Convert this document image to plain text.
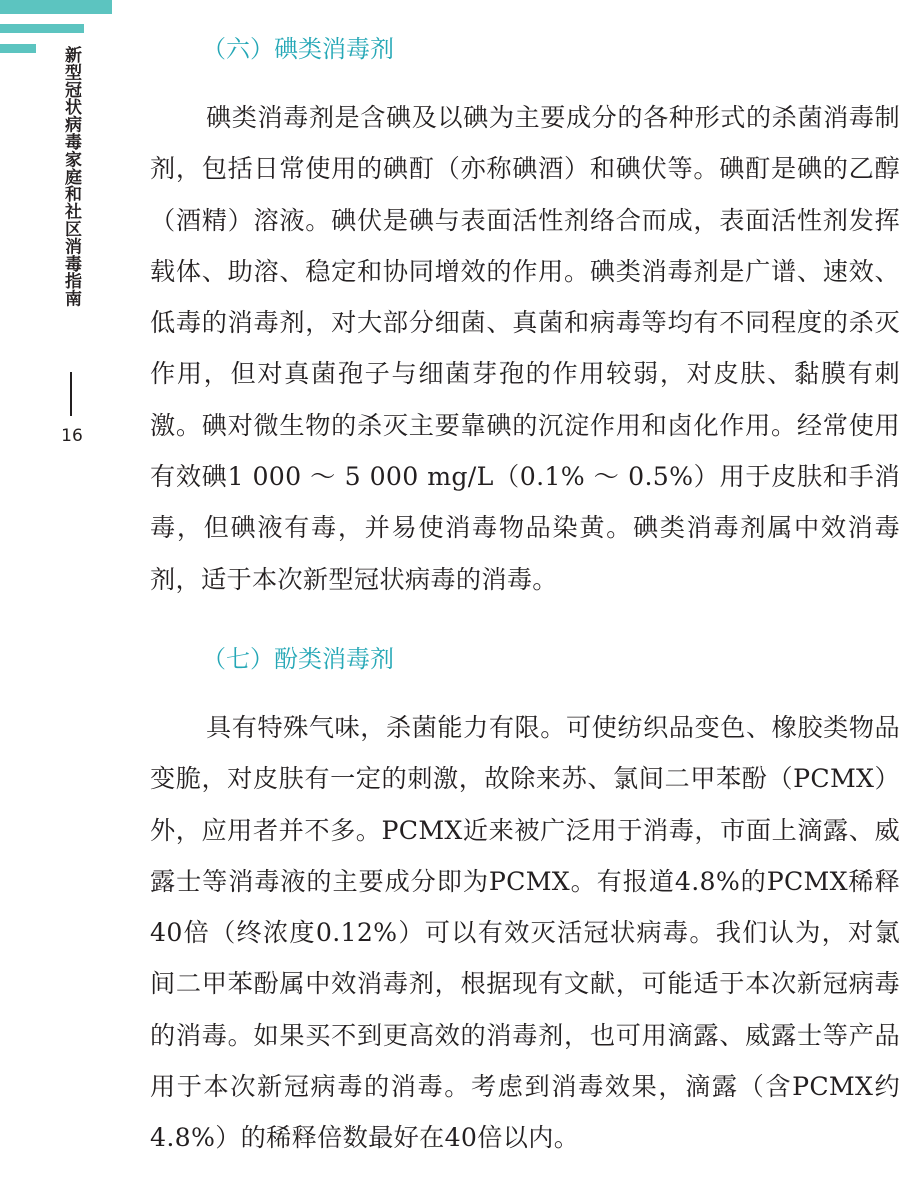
新型冠状病毒家庭和社区消毒指南
16
（六）碘类消毒剂

碘类消毒剂是含碘及以碘为主要成分的各种形式的杀菌消毒制剂，包括日常使用的碘酊（亦称碘酒）和碘伏等。碘酊是碘的乙醇（酒精）溶液。碘伏是碘与表面活性剂络合而成，表面活性剂发挥载体、助溶、稳定和协同增效的作用。碘类消毒剂是广谱、速效、低毒的消毒剂，对大部分细菌、真菌和病毒等均有不同程度的杀灭作用，但对真菌孢子与细菌芽孢的作用较弱，对皮肤、黏膜有刺激。碘对微生物的杀灭主要靠碘的沉淀作用和卤化作用。经常使用有效碘1 000 ～ 5 000 mg/L（0.1% ～ 0.5%）用于皮肤和手消毒，但碘液有毒，并易使消毒物品染黄。碘类消毒剂属中效消毒剂，适于本次新型冠状病毒的消毒。

（七）酚类消毒剂

具有特殊气味，杀菌能力有限。可使纺织品变色、橡胶类物品变脆，对皮肤有一定的刺激，故除来苏、氯间二甲苯酚（PCMX）外，应用者并不多。PCMX近来被广泛用于消毒，市面上滴露、威露士等消毒液的主要成分即为PCMX。有报道4.8%的PCMX稀释40倍（终浓度0.12%）可以有效灭活冠状病毒。我们认为，对氯间二甲苯酚属中效消毒剂，根据现有文献，可能适于本次新冠病毒的消毒。如果买不到更高效的消毒剂，也可用滴露、威露士等产品用于本次新冠病毒的消毒。考虑到消毒效果，滴露（含PCMX约4.8%）的稀释倍数最好在40倍以内。
